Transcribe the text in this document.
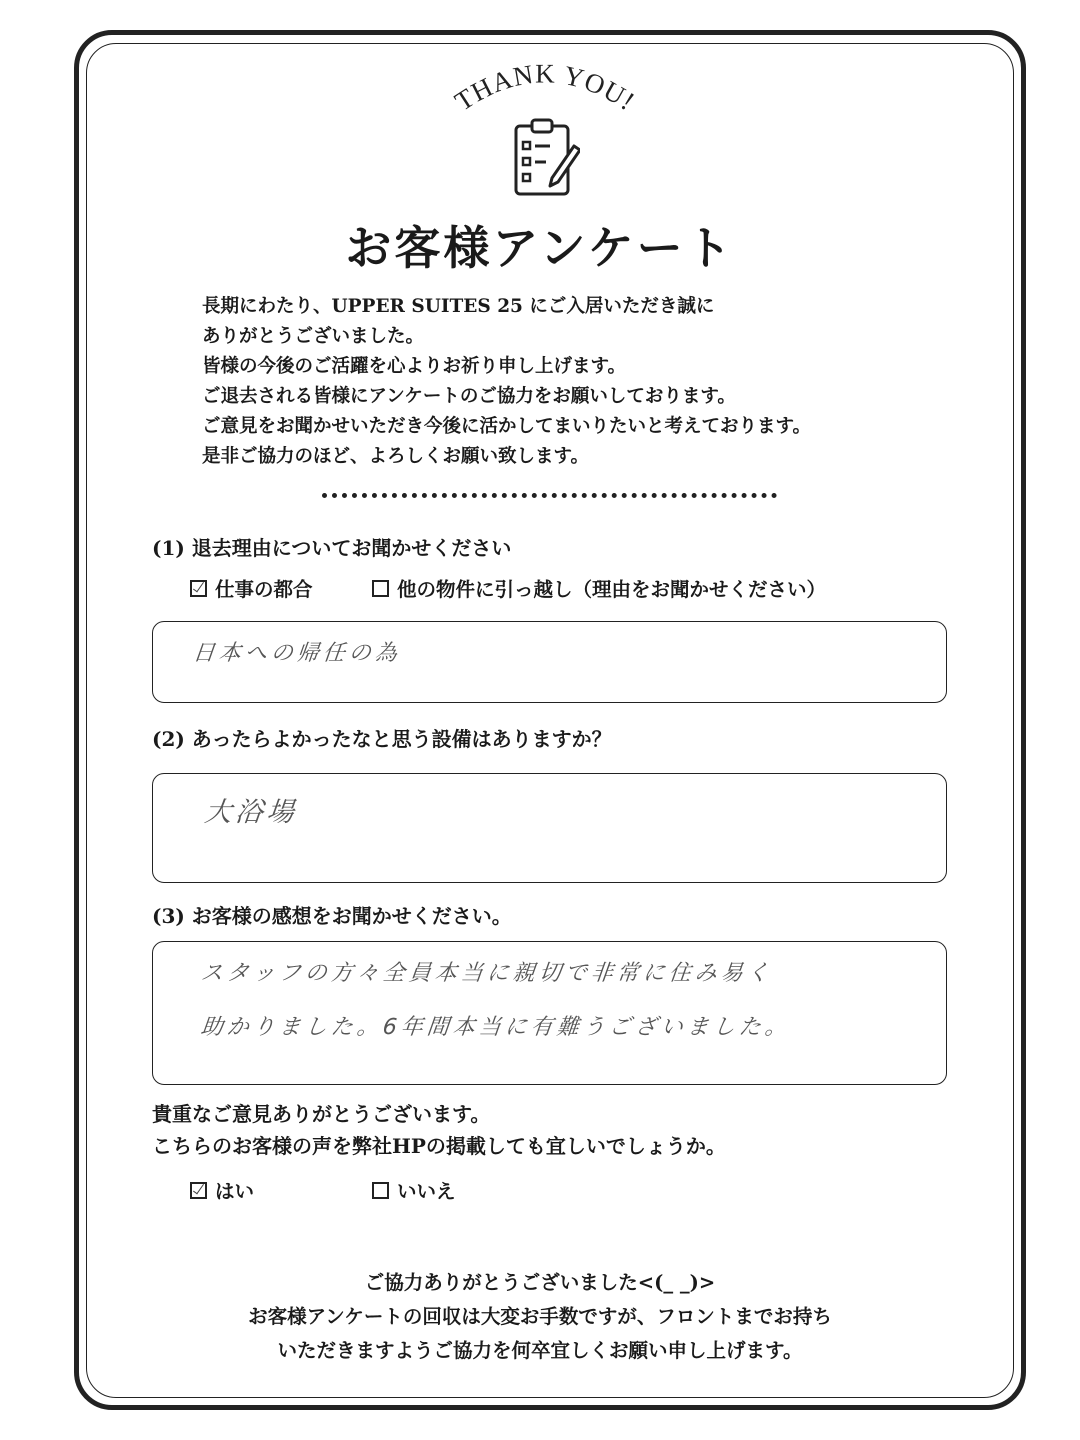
THANK YOU!
お客様アンケート
長期にわたり、UPPER SUITES 25 にご入居いただき誠に
ありがとうございました。
皆様の今後のご活躍を心よりお祈り申し上げます。
ご退去される皆様にアンケートのご協力をお願いしております。
ご意見をお聞かせいただき今後に活かしてまいりたいと考えております。
是非ご協力のほど、よろしくお願い致します。
(1) 退去理由についてお聞かせください
仕事の都合	他の物件に引っ越し（理由をお聞かせください）
日本への帰任の為
(2) あったらよかったなと思う設備はありますか？
大浴場
(3) お客様の感想をお聞かせください。
スタッフの方々全員本当に親切で非常に住み易く
助かりました。6年間本当に有難うございました。
貴重なご意見ありがとうございます。
こちらのお客様の声を弊社HPの掲載しても宜しいでしょうか。
はい	いいえ
ご協力ありがとうございました<(_ _)>
お客様アンケートの回収は大変お手数ですが、フロントまでお持ち
いただきますようご協力を何卒宜しくお願い申し上げます。
